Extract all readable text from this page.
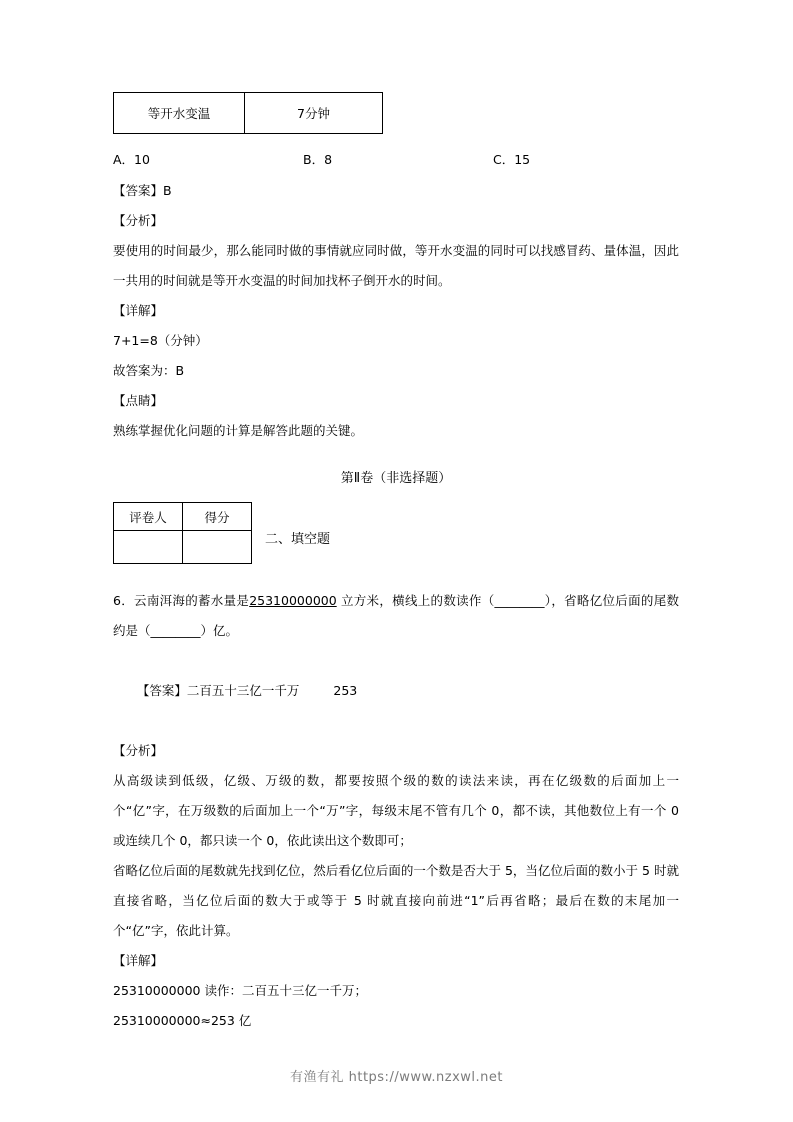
等开水变温	7分钟
A．10	B．8	C．15
【答案】B
【分析】
要使用的时间最少，那么能同时做的事情就应同时做，等开水变温的同时可以找感冒药、量体温，因此一共用的时间就是等开水变温的时间加找杯子倒开水的时间。
【详解】
7+1=8（分钟）
故答案为：B
【点睛】
熟练掌握优化问题的计算是解答此题的关键。
第Ⅱ卷（非选择题）
评卷人	得分

二、填空题
6．云南洱海的蓄水量是25310000000 立方米，横线上的数读作（________），省略亿位后面的尾数约是（________）亿。

【答案】二百五十三亿一千万	253

【分析】
从高级读到低级，亿级、万级的数，都要按照个级的数的读法来读，再在亿级数的后面加上一个“亿”字，在万级数的后面加上一个“万”字，每级末尾不管有几个 0，都不读，其他数位上有一个 0 或连续几个 0，都只读一个 0，依此读出这个数即可；
省略亿位后面的尾数就先找到亿位，然后看亿位后面的一个数是否大于 5，当亿位后面的数小于 5 时就直接省略，当亿位后面的数大于或等于 5 时就直接向前进“1”后再省略；最后在数的末尾加一个“亿”字，依此计算。
【详解】
25310000000 读作：二百五十三亿一千万；
25310000000≈253 亿
有渔有礼 https://www.nzxwl.net
